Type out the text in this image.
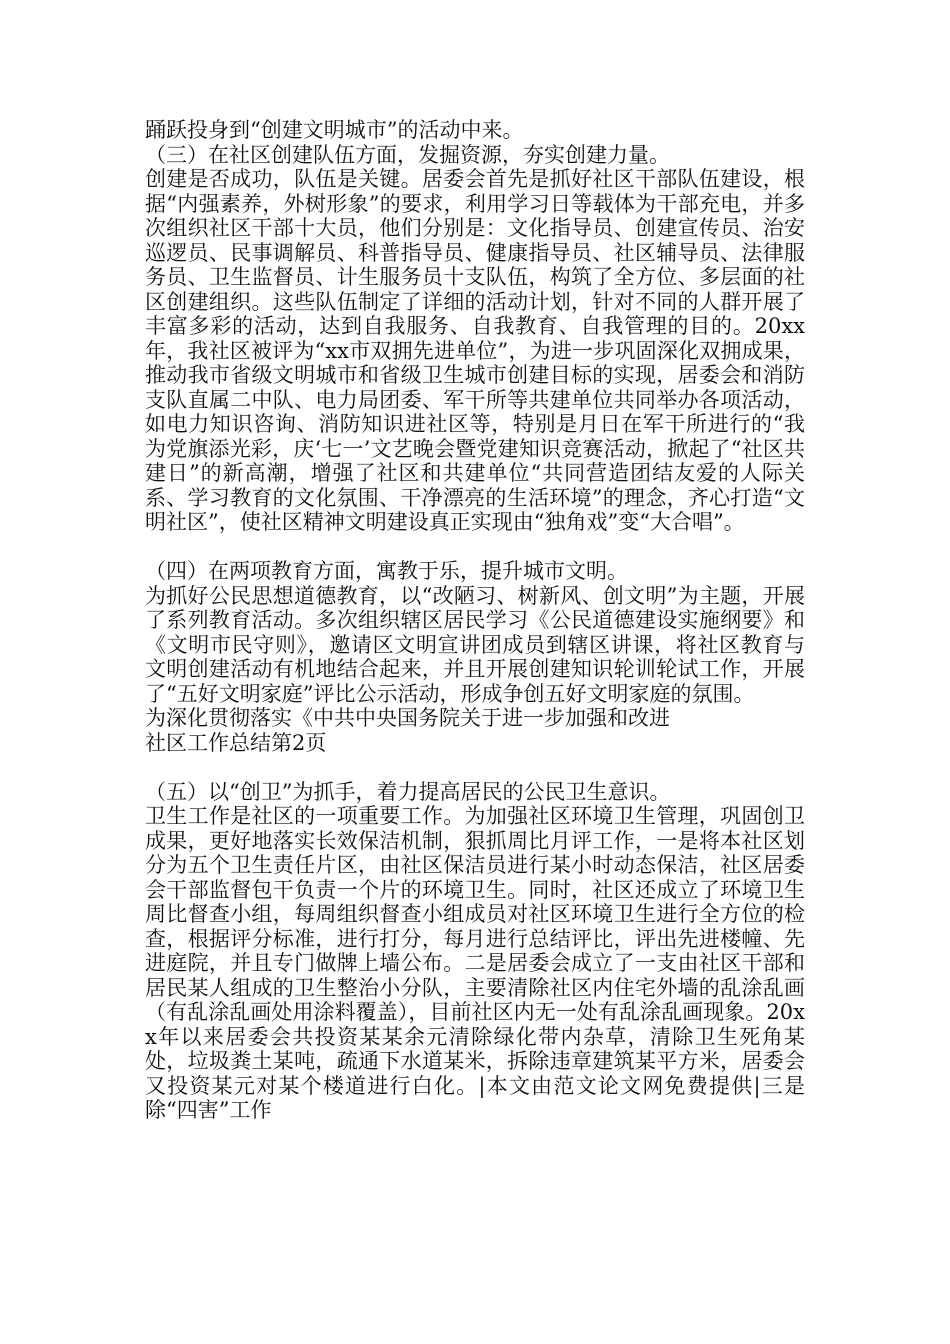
踊跃投身到“创建文明城市”的活动中来。

（三）在社区创建队伍方面，发掘资源，夯实创建力量。

创建是否成功，队伍是关键。居委会首先是抓好社区干部队伍建设，根据“内强素养，外树形象”的要求，利用学习日等载体为干部充电，并多次组织社区干部十大员，他们分别是：文化指导员、创建宣传员、治安巡逻员、民事调解员、科普指导员、健康指导员、社区辅导员、法律服务员、卫生监督员、计生服务员十支队伍，构筑了全方位、多层面的社区创建组织。这些队伍制定了详细的活动计划，针对不同的人群开展了丰富多彩的活动，达到自我服务、自我教育、自我管理的目的。20xx年，我社区被评为“xx市双拥先进单位”，为进一步巩固深化双拥成果，推动我市省级文明城市和省级卫生城市创建目标的实现，居委会和消防支队直属二中队、电力局团委、军干所等共建单位共同举办各项活动，如电力知识咨询、消防知识进社区等，特别是月日在军干所进行的“我为党旗添光彩，庆‘七一’文艺晚会暨党建知识竞赛活动，掀起了“社区共建日”的新高潮，增强了社区和共建单位“共同营造团结友爱的人际关系、学习教育的文化氛围、干净漂亮的生活环境”的理念，齐心打造“文明社区”，使社区精神文明建设真正实现由“独角戏”变“大合唱”。

（四）在两项教育方面，寓教于乐，提升城市文明。

为抓好公民思想道德教育，以“改陋习、树新风、创文明”为主题，开展了系列教育活动。多次组织辖区居民学习《公民道德建设实施纲要》和《文明市民守则》，邀请区文明宣讲团成员到辖区讲课，将社区教育与文明创建活动有机地结合起来，并且开展创建知识轮训轮试工作，开展了“五好文明家庭”评比公示活动，形成争创五好文明家庭的氛围。

为深化贯彻落实《中共中央国务院关于进一步加强和改进

社区工作总结第2页

（五）以“创卫”为抓手，着力提高居民的公民卫生意识。

卫生工作是社区的一项重要工作。为加强社区环境卫生管理，巩固创卫成果，更好地落实长效保洁机制，狠抓周比月评工作，一是将本社区划分为五个卫生责任片区，由社区保洁员进行某小时动态保洁，社区居委会干部监督包干负责一个片的环境卫生。同时，社区还成立了环境卫生周比督查小组，每周组织督查小组成员对社区环境卫生进行全方位的检查，根据评分标准，进行打分，每月进行总结评比，评出先进楼幢、先进庭院，并且专门做牌上墙公布。二是居委会成立了一支由社区干部和居民某人组成的卫生整治小分队，主要清除社区内住宅外墙的乱涂乱画（有乱涂乱画处用涂料覆盖），目前社区内无一处有乱涂乱画现象。20xx年以来居委会共投资某某余元清除绿化带内杂草，清除卫生死角某处，垃圾粪土某吨，疏通下水道某米，拆除违章建筑某平方米，居委会又投资某元对某个楼道进行白化。|本文由范文论文网免费提供|三是除“四害”工作
